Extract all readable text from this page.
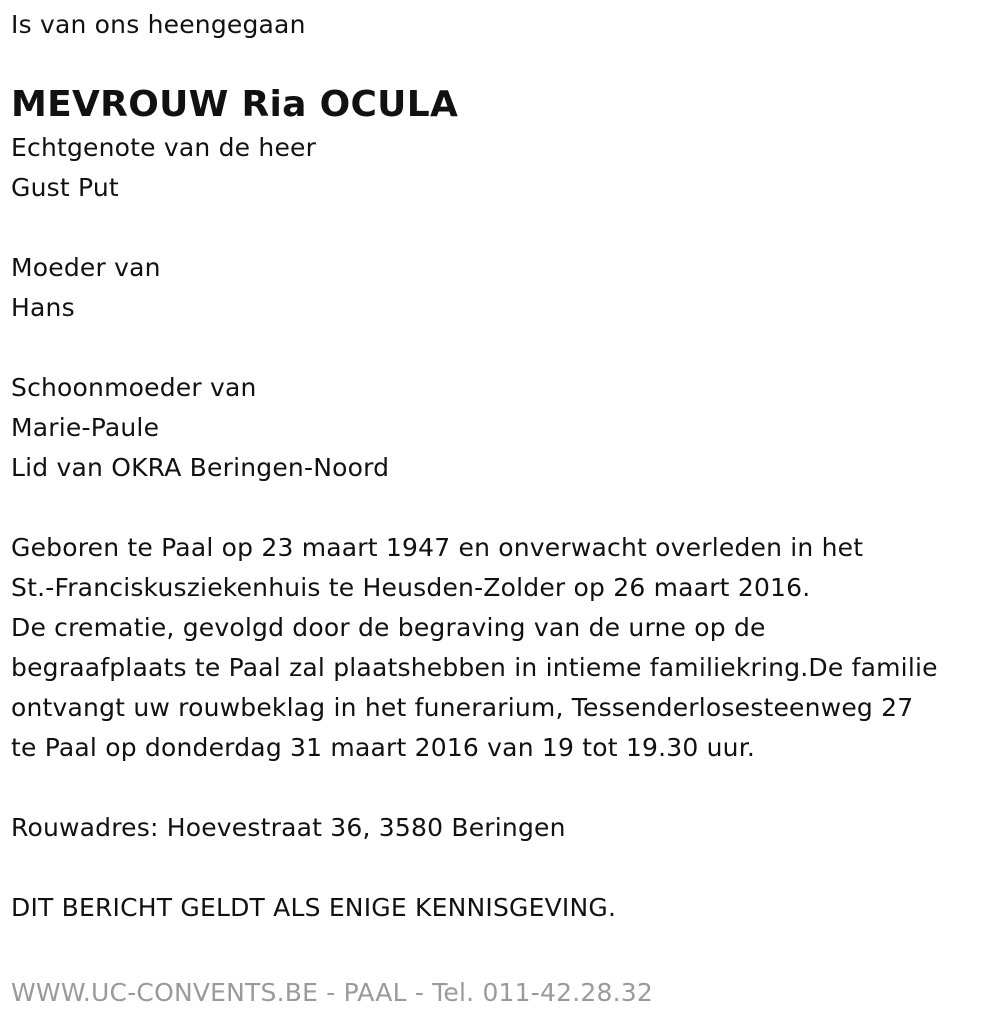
Is van ons heengegaan
MEVROUW Ria OCULA
Echtgenote van de heer
Gust Put
Moeder van
Hans
Schoonmoeder van
Marie-Paule
Lid van OKRA Beringen-Noord
Geboren te Paal op 23 maart 1947 en onverwacht overleden in het
St.-Franciskusziekenhuis te Heusden-Zolder op 26 maart 2016.
De crematie, gevolgd door de begraving van de urne op de
begraafplaats te Paal zal plaatshebben in intieme familiekring.De familie
ontvangt uw rouwbeklag in het funerarium, Tessenderlosesteenweg 27
te Paal op donderdag 31 maart 2016 van 19 tot 19.30 uur.
Rouwadres: Hoevestraat 36, 3580 Beringen
DIT BERICHT GELDT ALS ENIGE KENNISGEVING.
WWW.UC-CONVENTS.BE - PAAL - Tel. 011-42.28.32
